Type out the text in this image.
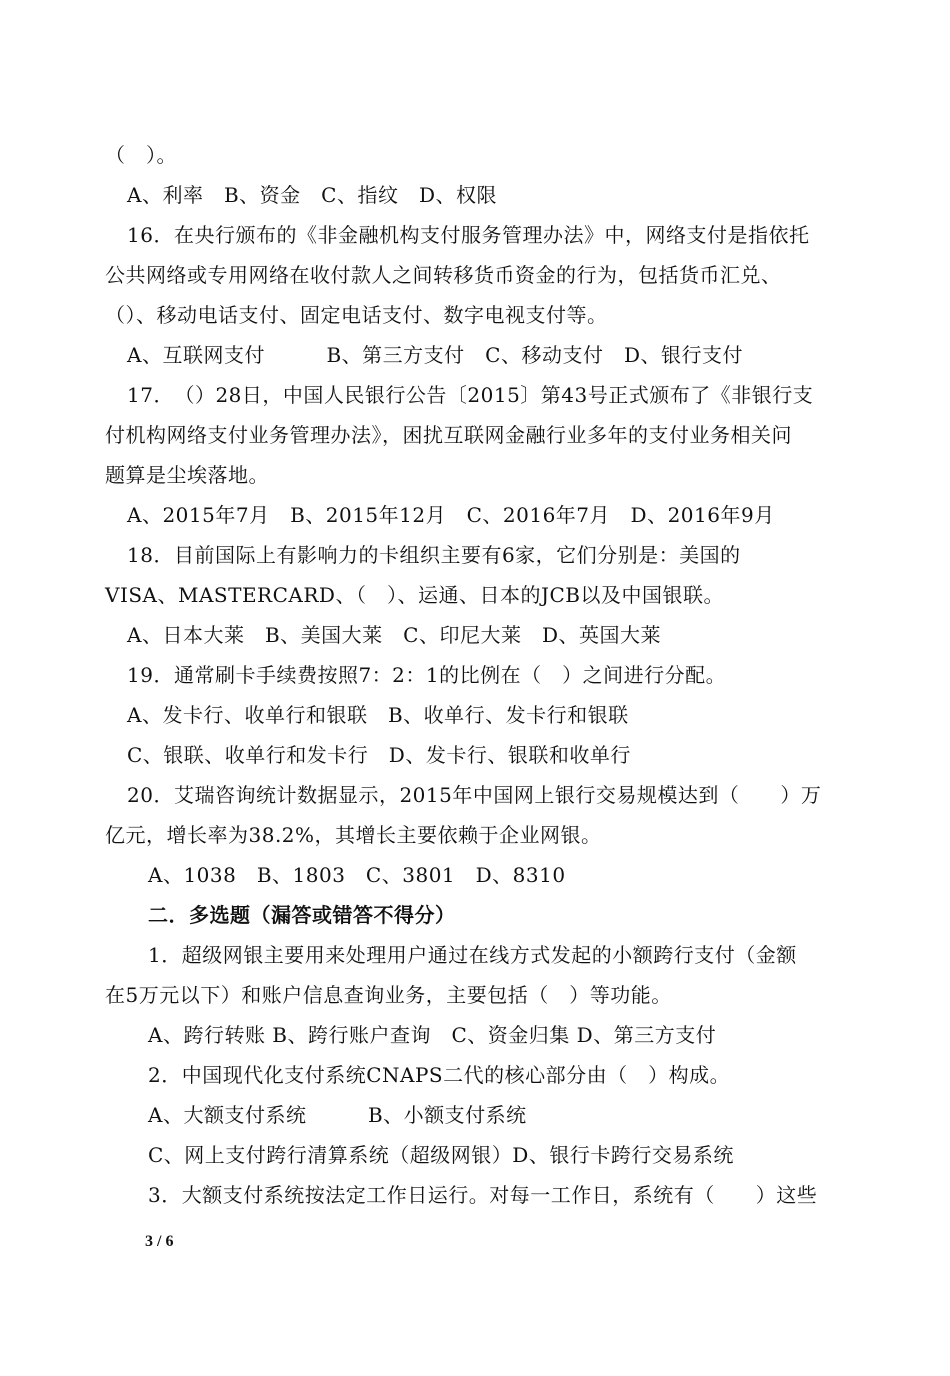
（　）。
A、利率　B、资金　C、指纹　D、权限
16．在央行颁布的《非金融机构支付服务管理办法》中，网络支付是指依托
公共网络或专用网络在收付款人之间转移货币资金的行为，包括货币汇兑、
（）、移动电话支付、固定电话支付、数字电视支付等。
A、互联网支付　　　B、第三方支付　C、移动支付　D、银行支付
17．　（）28日，中国人民银行公告〔2015〕第43号正式颁布了《非银行支
付机构网络支付业务管理办法》，困扰互联网金融行业多年的支付业务相关问
题算是尘埃落地。
A、2015年7月　B、2015年12月　C、2016年7月　D、2016年9月
18．目前国际上有影响力的卡组织主要有6家，它们分别是：美国的
VISA、MASTERCARD、（　）、运通、日本的JCB以及中国银联。
A、日本大莱　B、美国大莱　C、印尼大莱　D、英国大莱
19．通常刷卡手续费按照7：2：1的比例在（　）之间进行分配。
A、发卡行、收单行和银联　B、收单行、发卡行和银联
C、银联、收单行和发卡行　D、发卡行、银联和收单行
20．艾瑞咨询统计数据显示，2015年中国网上银行交易规模达到（　　）万
亿元，增长率为38.2%，其增长主要依赖于企业网银。
A、1038　B、1803　C、3801　D、8310
二．多选题（漏答或错答不得分）
1．超级网银主要用来处理用户通过在线方式发起的小额跨行支付（金额
在5万元以下）和账户信息查询业务，主要包括（　）等功能。
A、跨行转账 B、跨行账户查询　C、资金归集 D、第三方支付
2．中国现代化支付系统CNAPS二代的核心部分由（　）构成。
A、大额支付系统　　　B、小额支付系统
C、网上支付跨行清算系统（超级网银）D、银行卡跨行交易系统
3．大额支付系统按法定工作日运行。对每一工作日，系统有（　　）这些
3 / 6
